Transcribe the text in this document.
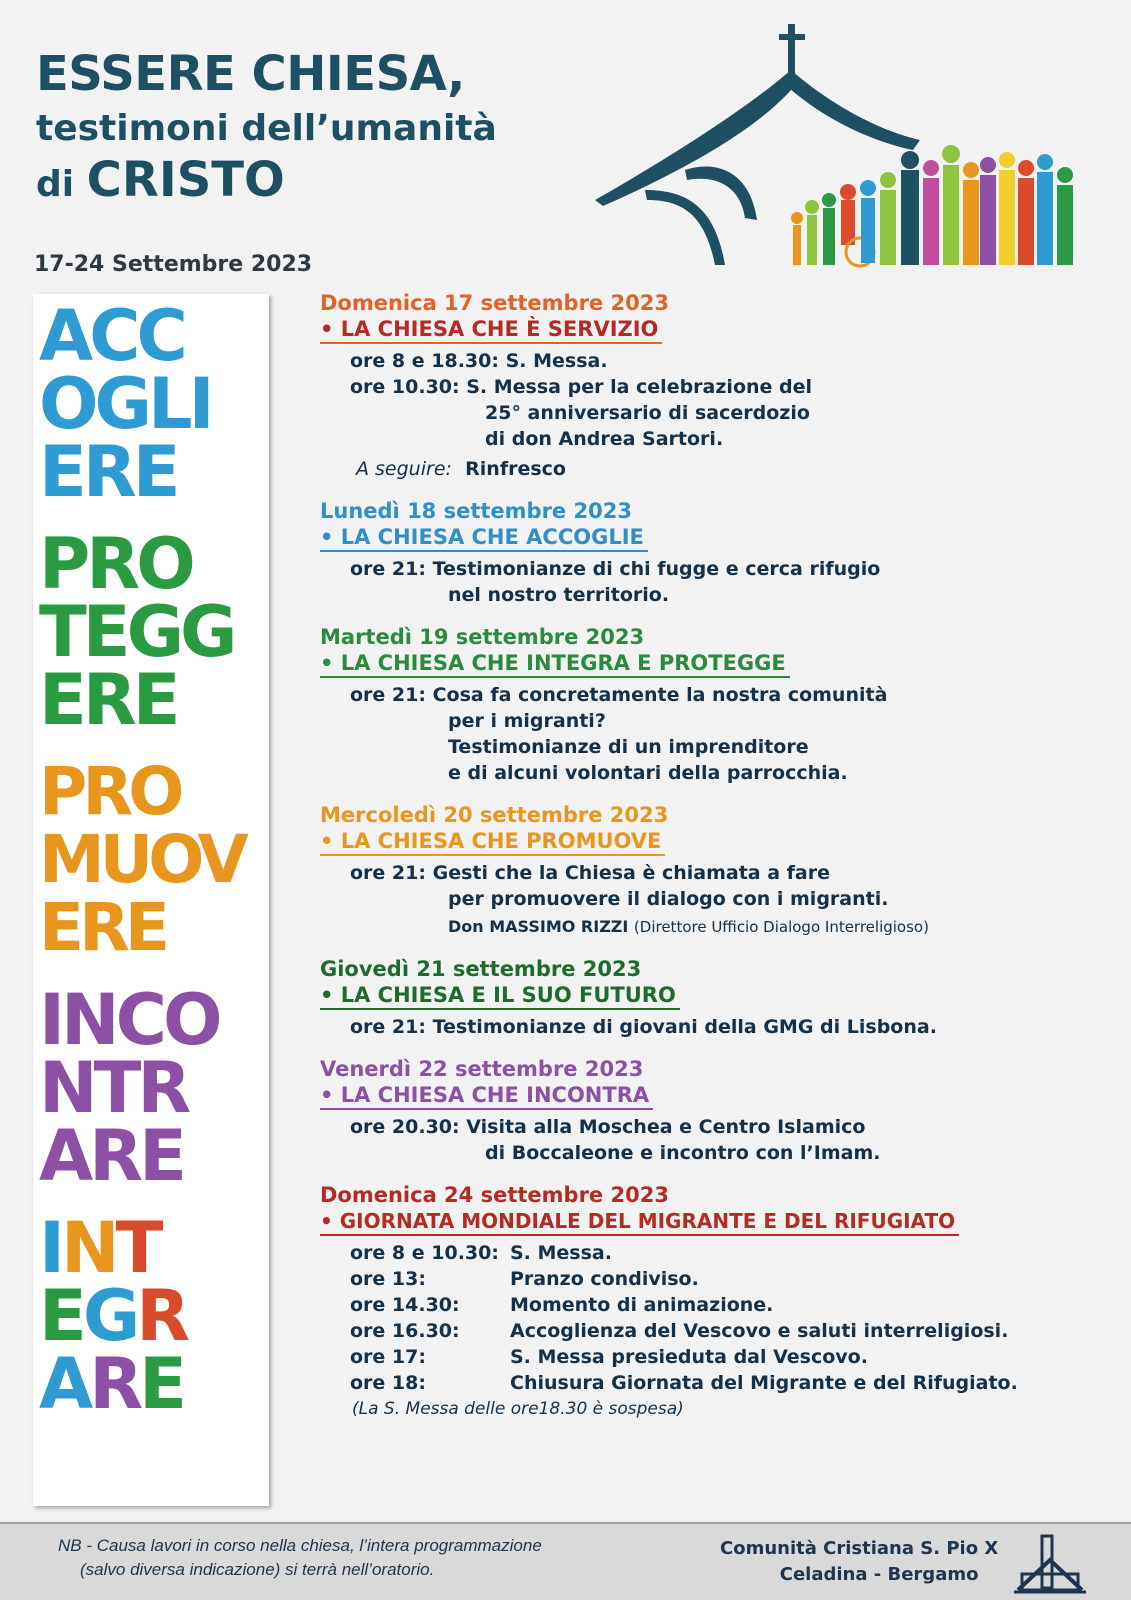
ESSERE CHIESA,
testimoni dell’umanità
di CRISTO
17-24 Settembre 2023
ACC
OGLI
ERE
PRO
TEGG
ERE
PRO
MUOV
ERE
INCO
NTR
ARE
INT
EGR
ARE
Domenica 17 settembre 2023
• LA CHIESA CHE È SERVIZIO
ore 8 e 18.30:
S. Messa.
ore 10.30:
S. Messa per la celebrazione del
25° anniversario di sacerdozio
di don Andrea Sartori.
A seguire:
Rinfresco
Lunedì 18 settembre 2023
• LA CHIESA CHE ACCOGLIE
ore 21:
Testimonianze di chi fugge e cerca rifugio
nel nostro territorio.
Martedì 19 settembre 2023
• LA CHIESA CHE INTEGRA E PROTEGGE
ore 21:
Cosa fa concretamente la nostra comunità
per i migranti?
Testimonianze di un imprenditore
e di alcuni volontari della parrocchia.
Mercoledì 20 settembre 2023
• LA CHIESA CHE PROMUOVE
ore 21:
Gesti che la Chiesa è chiamata a fare
per promuovere il dialogo con i migranti.
Don MASSIMO RIZZI (Direttore Ufficio Dialogo Interreligioso)
Giovedì 21 settembre 2023
• LA CHIESA E IL SUO FUTURO
ore 21:
Testimonianze di giovani della GMG di Lisbona.
Venerdì 22 settembre 2023
• LA CHIESA CHE INCONTRA
ore 20.30:
Visita alla Moschea e Centro Islamico
di Boccaleone e incontro con l’Imam.
Domenica 24 settembre 2023
• GIORNATA MONDIALE DEL MIGRANTE E DEL RIFUGIATO
ore 8 e 10.30: S. Messa.
ore 13:	Pranzo condiviso.
ore 14.30:	Momento di animazione.
ore 16.30:	Accoglienza del Vescovo e saluti interreligiosi.
ore 17:	S. Messa presieduta dal Vescovo.
ore 18:	Chiusura Giornata del Migrante e del Rifugiato.
(La S. Messa delle ore18.30 è sospesa)
NB - Causa lavori in corso nella chiesa, l’intera programmazione
(salvo diversa indicazione) si terrà nell’oratorio.
Comunità Cristiana S. Pio X
Celadina - Bergamo
